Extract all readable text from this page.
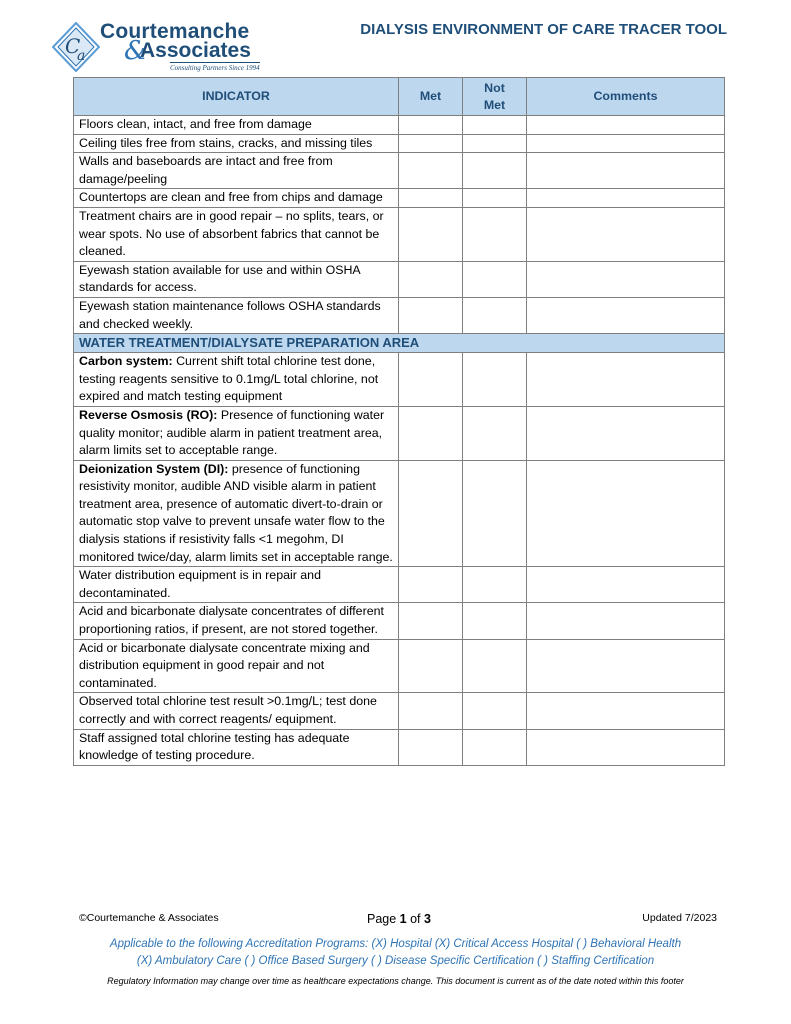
C
a
Courtemanche
&
Associates
Consulting Partners Since 1994
DIALYSIS ENVIRONMENT OF CARE TRACER TOOL
INDICATOR	Met	Not Met	Comments
Floors clean, intact, and free from damage			
Ceiling tiles free from stains, cracks, and missing tiles			
Walls and baseboards are intact and free from damage/peeling			
Countertops are clean and free from chips and damage			
Treatment chairs are in good repair – no splits, tears, or wear spots. No use of absorbent fabrics that cannot be cleaned.			
Eyewash station available for use and within OSHA standards for access.			
Eyewash station maintenance follows OSHA standards and checked weekly.			
WATER TREATMENT/DIALYSATE PREPARATION AREA			
Carbon system: Current shift total chlorine test done, testing reagents sensitive to 0.1mg/L total chlorine, not expired and match testing equipment			
Reverse Osmosis (RO): Presence of functioning water quality monitor; audible alarm in patient treatment area, alarm limits set to acceptable range.			
Deionization System (DI): presence of functioning resistivity monitor, audible AND visible alarm in patient treatment area, presence of automatic divert-to-drain or automatic stop valve to prevent unsafe water flow to the dialysis stations if resistivity falls <1 megohm, DI monitored twice/day, alarm limits set in acceptable range.			
Water distribution equipment is in repair and decontaminated.			
Acid and bicarbonate dialysate concentrates of different proportioning ratios, if present, are not stored together.			
Acid or bicarbonate dialysate concentrate mixing and distribution equipment in good repair and not contaminated.			
Observed total chlorine test result >0.1mg/L; test done correctly and with correct reagents/ equipment.			
Staff assigned total chlorine testing has adequate knowledge of testing procedure.			
©Courtemanche & Associates	Page 1 of 3	Updated 7/2023
Applicable to the following Accreditation Programs: (X) Hospital (X) Critical Access Hospital ( ) Behavioral Health
(X) Ambulatory Care ( ) Office Based Surgery ( ) Disease Specific Certification ( ) Staffing Certification
Regulatory Information may change over time as healthcare expectations change. This document is current as of the date noted within this footer
